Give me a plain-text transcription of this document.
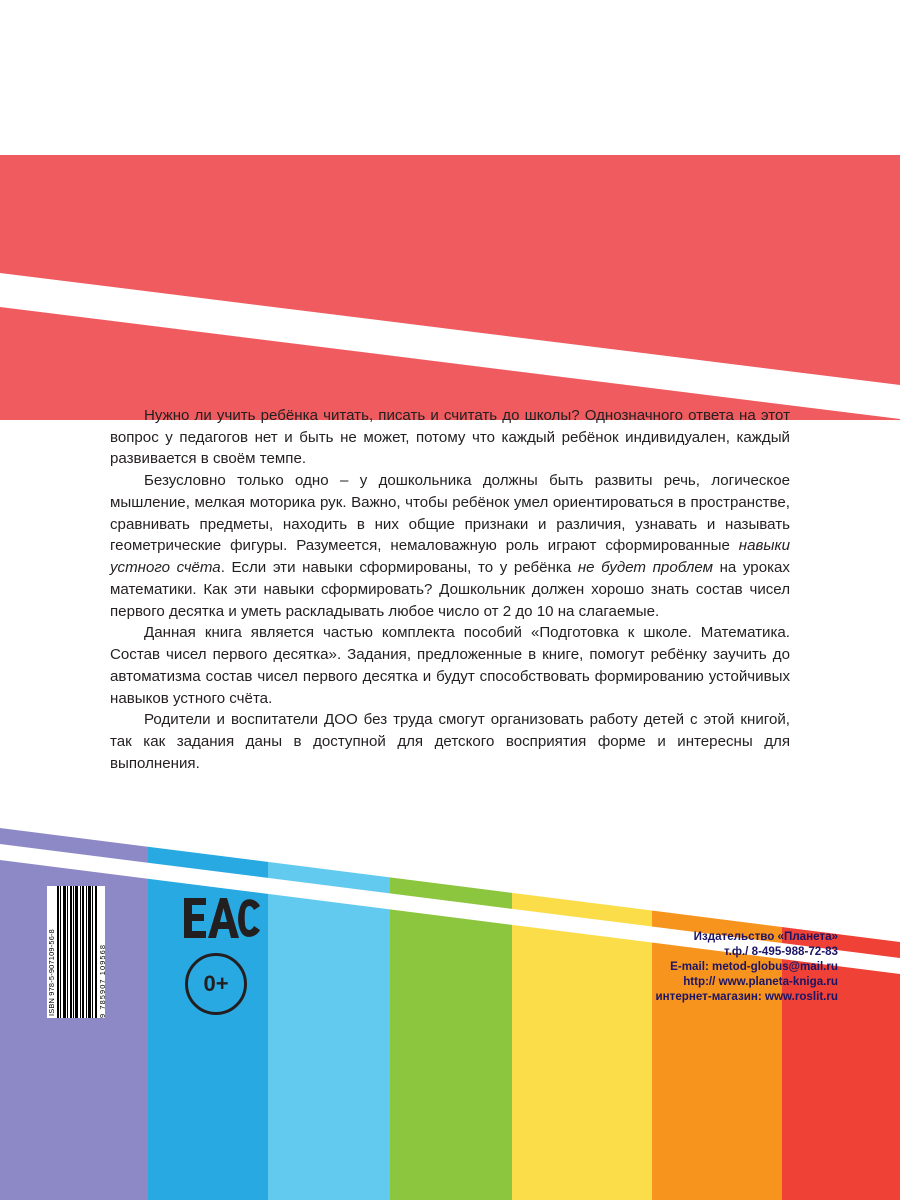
Нужно ли учить ребёнка читать, писать и считать до школы? Однозначного ответа на этот вопрос у педагогов нет и быть не может, потому что каждый ребёнок индивидуален, каждый развивается в своём темпе.

Безусловно только одно – у дошкольника должны быть развиты речь, логическое мышление, мелкая моторика рук. Важно, чтобы ребёнок умел ориентироваться в пространстве, сравнивать предметы, находить в них общие признаки и различия, узнавать и называть геометрические фигуры. Разумеется, немаловажную роль играют сформированные навыки устного счёта. Если эти навыки сформированы, то у ребёнка не будет проблем на уроках математики. Как эти навыки сформировать? Дошкольник должен хорошо знать состав чисел первого десятка и уметь раскладывать любое число от 2 до 10 на слагаемые.

Данная книга является частью комплекта пособий «Подготовка к школе. Математика. Состав чисел первого десятка». Задания, предложенные в книге, помогут ребёнку заучить до автоматизма состав чисел первого десятка и будут способствовать формированию устойчивых навыков устного счёта.

Родители и воспитатели ДОО без труда смогут организовать работу детей с этой книгой, так как задания даны в доступной для детского восприятия форме и интересны для выполнения.

ISBN 978-5-907109-56-8	9 785907 109568	0+
Издательство «Планета»
т.ф./ 8-495-988-72-83
E-mail: metod-globus@mail.ru
http:// www.planeta-kniga.ru
интернет-магазин: www.roslit.ru
